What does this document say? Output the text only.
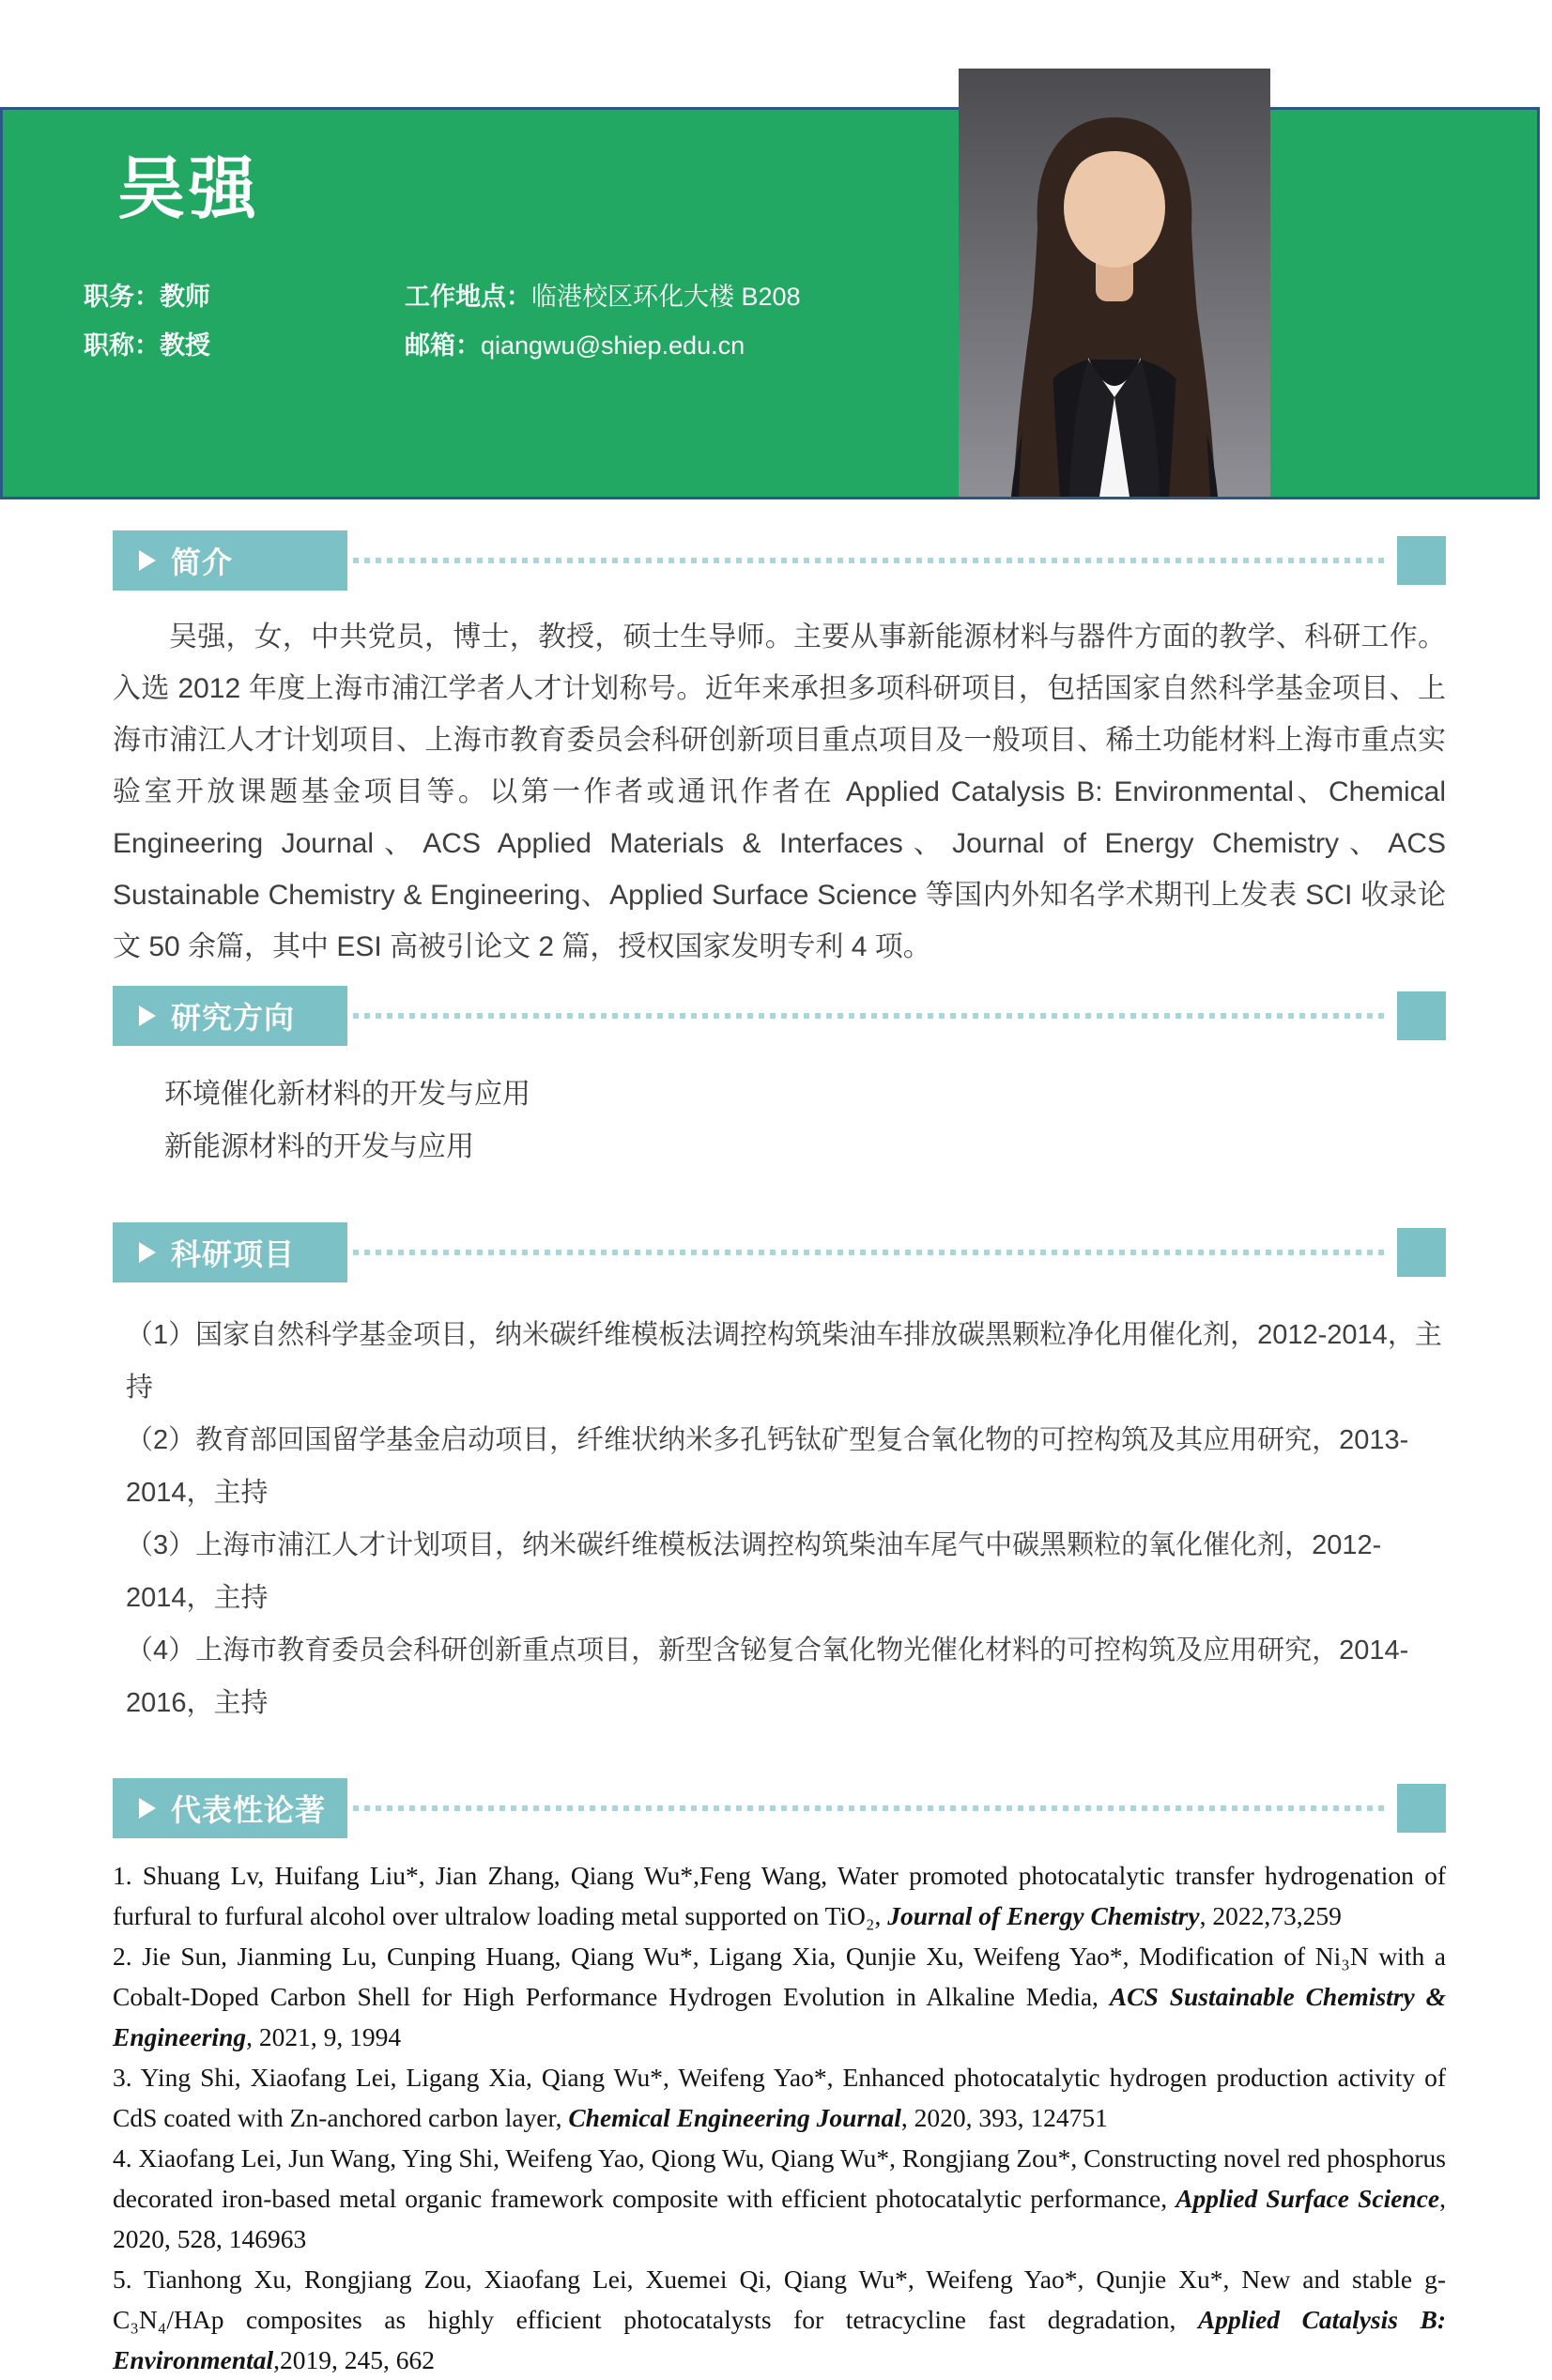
吴强
职务：教师	工作地点：临港校区环化大楼 B208
职称：教授	邮箱：qiangwu@shiep.edu.cn
简介

吴强，女，中共党员，博士，教授，硕士生导师。主要从事新能源材料与器件方面的教学、科研工作。入选 2012 年度上海市浦江学者人才计划称号。近年来承担多项科研项目，包括国家自然科学基金项目、上海市浦江人才计划项目、上海市教育委员会科研创新项目重点项目及一般项目、稀土功能材料上海市重点实验室开放课题基金项目等。以第一作者或通讯作者在 Applied Catalysis B: Environmental、Chemical Engineering Journal、ACS Applied Materials & Interfaces、Journal of Energy Chemistry、ACS Sustainable Chemistry & Engineering、Applied Surface Science 等国内外知名学术期刊上发表 SCI 收录论文 50 余篇，其中 ESI 高被引论文 2 篇，授权国家发明专利 4 项。

研究方向
环境催化新材料的开发与应用
新能源材料的开发与应用
科研项目
（1）国家自然科学基金项目，纳米碳纤维模板法调控构筑柴油车排放碳黑颗粒净化用催化剂，2012-2014，主持
（2）教育部回国留学基金启动项目，纤维状纳米多孔钙钛矿型复合氧化物的可控构筑及其应用研究，2013-2014，主持
（3）上海市浦江人才计划项目，纳米碳纤维模板法调控构筑柴油车尾气中碳黑颗粒的氧化催化剂，2012-2014，主持
（4）上海市教育委员会科研创新重点项目，新型含铋复合氧化物光催化材料的可控构筑及应用研究，2014-2016，主持
代表性论著

1. Shuang Lv, Huifang Liu*, Jian Zhang, Qiang Wu*,Feng Wang, Water promoted photocatalytic transfer hydrogenation of furfural to furfural alcohol over ultralow loading metal supported on TiO₂, Journal of Energy Chemistry, 2022,73,259

2. Jie Sun, Jianming Lu, Cunping Huang, Qiang Wu*, Ligang Xia, Qunjie Xu, Weifeng Yao*, Modification of Ni₃N with a Cobalt-Doped Carbon Shell for High Performance Hydrogen Evolution in Alkaline Media, ACS Sustainable Chemistry & Engineering, 2021, 9, 1994

3. Ying Shi, Xiaofang Lei, Ligang Xia, Qiang Wu*, Weifeng Yao*, Enhanced photocatalytic hydrogen production activity of CdS coated with Zn-anchored carbon layer, Chemical Engineering Journal, 2020, 393, 124751

4. Xiaofang Lei, Jun Wang, Ying Shi, Weifeng Yao, Qiong Wu, Qiang Wu*, Rongjiang Zou*, Constructing novel red phosphorus decorated iron-based metal organic framework composite with efficient photocatalytic performance, Applied Surface Science, 2020, 528, 146963

5. Tianhong Xu, Rongjiang Zou, Xiaofang Lei, Xuemei Qi, Qiang Wu*, Weifeng Yao*, Qunjie Xu*, New and stable g-C₃N₄/HAp composites as highly efficient photocatalysts for tetracycline fast degradation, Applied Catalysis B: Environmental,2019, 245, 662
